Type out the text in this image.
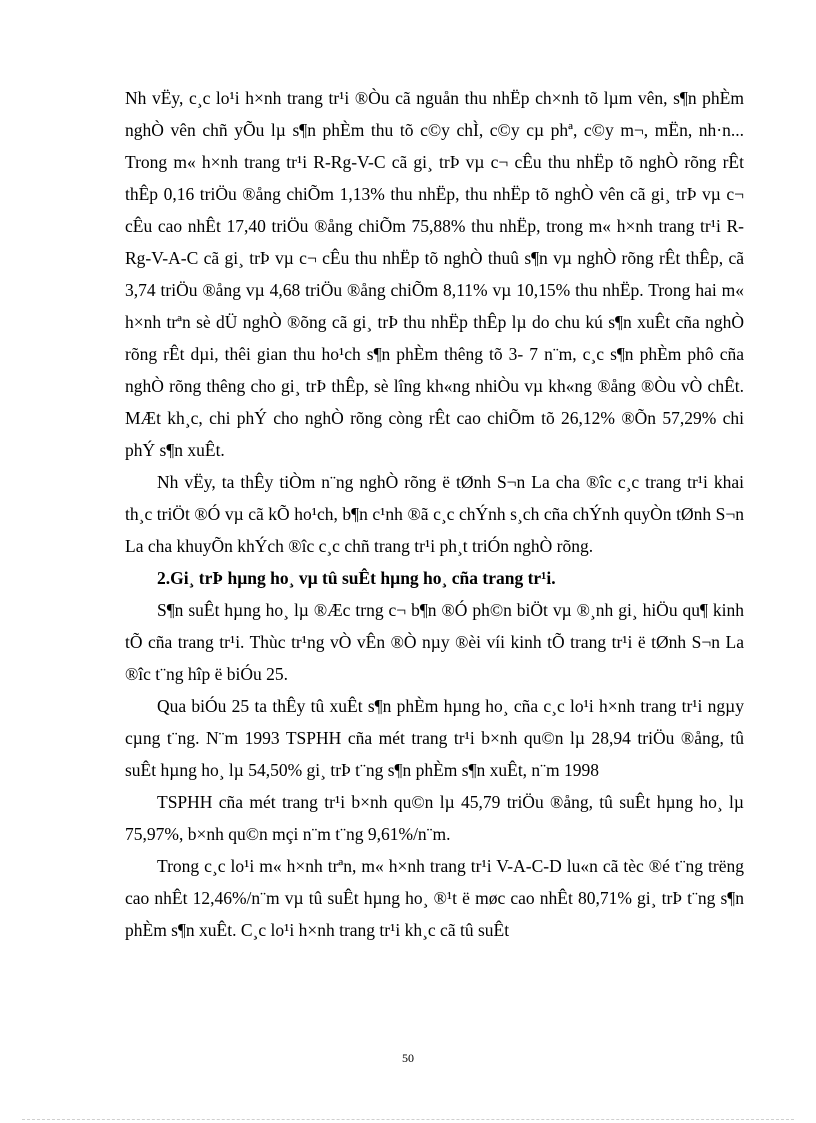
Nh vËy, c¸c lo¹i h×nh trang tr¹i ®Òu cã nguån thu nhËp ch×nh tõ lµm vên, s¶n phÈm nghÒ vên chñ yÕu lµ s¶n phÈm thu tõ c©y chÌ, c©y cµ phª, c©y m¬, mËn, nh·n... Trong m« h×nh trang tr¹i R-Rg-V-C cã gi¸ trÞ vµ c¬ cÊu thu nhËp tõ nghÒ rõng rÊt thÊp 0,16 triÖu ®ång chiÕm 1,13% thu nhËp, thu nhËp tõ nghÒ vên cã gi¸ trÞ vµ c¬ cÊu cao nhÊt 17,40 triÖu ®ång chiÕm 75,88% thu nhËp, trong m« h×nh trang tr¹i R-Rg-V-A-C cã gi¸ trÞ vµ c¬ cÊu thu nhËp tõ nghÒ thuû s¶n vµ nghÒ rõng rÊt thÊp, cã 3,74 triÖu ®ång vµ 4,68 triÖu ®ång chiÕm 8,11% vµ 10,15% thu nhËp. Trong hai m« h×nh trªn sè dÜ nghÒ ®õng cã gi¸ trÞ thu nhËp thÊp lµ do chu kú s¶n xuÊt cña nghÒ rõng rÊt dµi, thêi gian thu ho¹ch s¶n phÈm thêng tõ 3- 7 n¨m, c¸c s¶n phÈm phô cña nghÒ rõng thêng cho gi¸ trÞ thÊp, sè lîng kh«ng nhiÒu vµ kh«ng ®ång ®Òu vÒ chÊt. MÆt kh¸c, chi phÝ cho nghÒ rõng còng rÊt cao chiÕm tõ 26,12% ®Õn 57,29% chi phÝ s¶n xuÊt.

Nh vËy, ta thÊy tiÒm n¨ng nghÒ rõng ë tØnh S¬n La cha ®îc c¸c trang tr¹i khai th¸c triÖt ®Ó vµ cã kÕ ho¹ch, b¶n c¹nh ®ã c¸c chÝnh s¸ch cña chÝnh quyÒn tØnh S¬n La cha khuyÕn khÝch ®îc c¸c chñ trang tr¹i ph¸t triÓn nghÒ rõng.

2.Gi¸ trÞ hµng ho¸ vµ tû suÊt hµng ho¸ cña trang tr¹i.

S¶n suÊt hµng ho¸ lµ ®Æc trng c¬ b¶n ®Ó ph©n biÖt vµ ®¸nh gi¸ hiÖu qu¶ kinh tÕ cña trang tr¹i. Thùc tr¹ng vÒ vÊn ®Ò nµy ®èi víi kinh tÕ trang tr¹i ë tØnh S¬n La ®îc t¨ng hîp ë biÓu 25.

Qua biÓu 25 ta thÊy tû xuÊt s¶n phÈm hµng ho¸ cña c¸c lo¹i h×nh trang tr¹i ngµy cµng t¨ng. N¨m 1993 TSPHH cña mét trang tr¹i b×nh qu©n lµ 28,94 triÖu ®ång, tû suÊt hµng ho¸ lµ 54,50% gi¸ trÞ t¨ng s¶n phÈm s¶n xuÊt, n¨m 1998

TSPHH cña mét trang tr¹i b×nh qu©n lµ 45,79 triÖu ®ång, tû suÊt hµng ho¸ lµ 75,97%, b×nh qu©n mçi n¨m t¨ng 9,61%/n¨m.

Trong c¸c lo¹i m« h×nh trªn, m« h×nh trang tr¹i V-A-C-D lu«n cã tèc ®é t¨ng trëng cao nhÊt 12,46%/n¨m vµ tû suÊt hµng ho¸ ®¹t ë møc cao nhÊt 80,71% gi¸ trÞ t¨ng s¶n phÈm s¶n xuÊt. C¸c lo¹i h×nh trang tr¹i kh¸c cã tû suÊt

50
